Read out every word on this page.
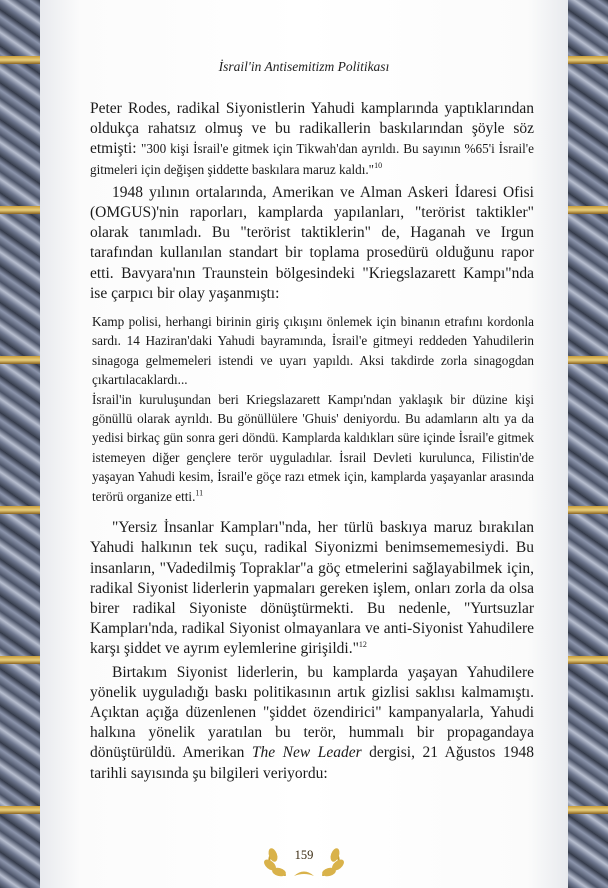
İsrail'in Antisemitizm Politikası

Peter Rodes, radikal Siyonistlerin Yahudi kamplarında yaptıklarından oldukça rahatsız olmuş ve bu radikallerin baskılarından şöyle söz etmişti: "300 kişi İsrail'e gitmek için Tikwah'dan ayrıldı. Bu sayının %65'i İsrail'e gitmeleri için değişen şiddette baskılara maruz kaldı."$^{10}$

1948 yılının ortalarında, Amerikan ve Alman Askeri İdaresi Ofisi (OMGUS)'nin raporları, kamplarda yapılanları, "terörist taktikler" olarak tanımladı. Bu "terörist taktiklerin" de, Haganah ve Irgun tarafından kullanılan standart bir toplama prosedürü olduğunu rapor etti. Bavyara'nın Traunstein bölgesindeki "Kriegslazarett Kampı"nda ise çarpıcı bir olay yaşanmıştı:

Kamp polisi, herhangi birinin giriş çıkışını önlemek için binanın etrafını kordonla sardı. 14 Haziran'daki Yahudi bayramında, İsrail'e gitmeyi reddeden Yahudilerin sinagoga gelmemeleri istendi ve uyarı yapıldı. Aksi takdirde zorla sinagogdan çıkartılacaklardı...

İsrail'in kuruluşundan beri Kriegslazarett Kampı'ndan yaklaşık bir düzine kişi gönüllü olarak ayrıldı. Bu gönüllülere 'Ghuis' deniyordu. Bu adamların altı ya da yedisi birkaç gün sonra geri döndü. Kamplarda kaldıkları süre içinde İsrail'e gitmek istemeyen diğer gençlere terör uyguladılar. İsrail Devleti kurulunca, Filistin'de yaşayan Yahudi kesim, İsrail'e göçe razı etmek için, kamplarda yaşayanlar arasında terörü organize etti.$^{11}$

"Yersiz İnsanlar Kampları"nda, her türlü baskıya maruz bırakılan Yahudi halkının tek suçu, radikal Siyonizmi benimsememesiydi. Bu insanların, "Vadedilmiş Topraklar"a göç etmelerini sağlayabilmek için, radikal Siyonist liderlerin yapmaları gereken işlem, onları zorla da olsa birer radikal Siyoniste dönüştürmekti. Bu nedenle, "Yurtsuzlar Kampları'nda, radikal Siyonist olmayanlara ve anti-Siyonist Yahudilere karşı şiddet ve ayrım eylemlerine girişildi."$^{12}$

Birtakım Siyonist liderlerin, bu kamplarda yaşayan Yahudilere yönelik uyguladığı baskı politikasının artık gizlisi saklısı kalmamıştı. Açıktan açığa düzenlenen "şiddet özendirici" kampanyalarla, Yahudi halkına yönelik yaratılan bu terör, hummalı bir propagandaya dönüştürüldü. Amerikan The New Leader dergisi, 21 Ağustos 1948 tarihli sayısında şu bilgileri veriyordu:

159
